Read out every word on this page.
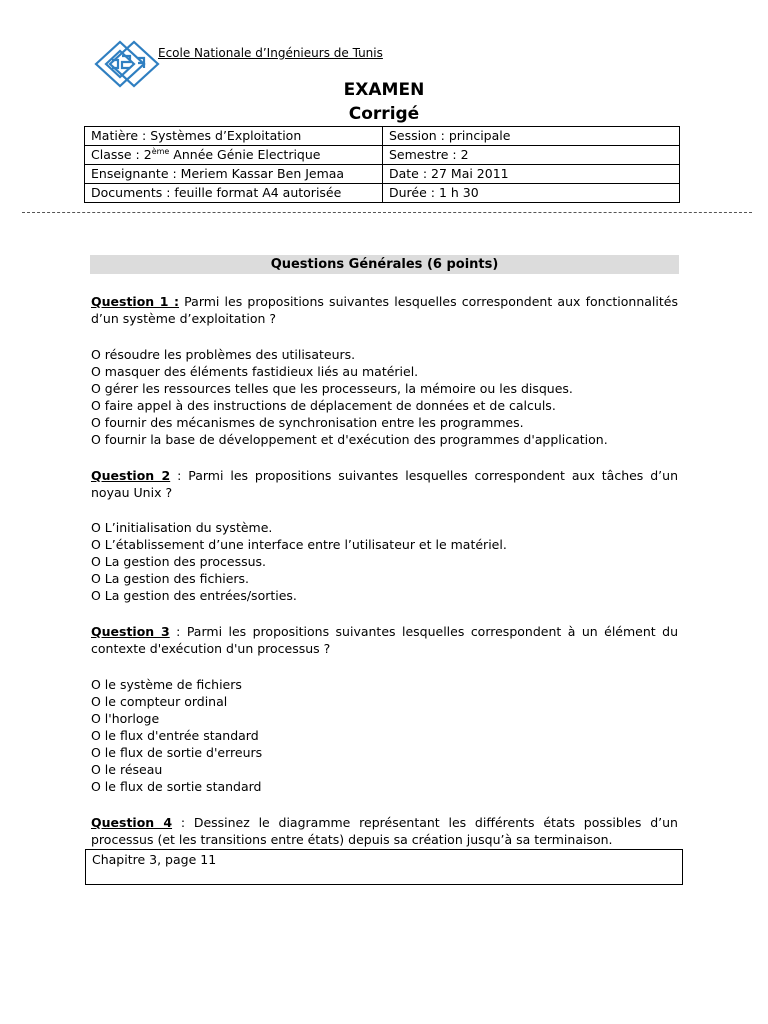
Ecole Nationale d’Ingénieurs de Tunis
EXAMEN
Corrigé
Matière : Systèmes d’Exploitation	Session : principale
Classe : 2ème Année Génie Electrique	Semestre : 2
Enseignante : Meriem Kassar Ben Jemaa	Date : 27 Mai 2011
Documents : feuille format A4 autorisée	Durée : 1 h 30
Questions Générales (6 points)
Question 1 : Parmi les propositions suivantes lesquelles correspondent aux fonctionnalités d’un système d’exploitation ?
O résoudre les problèmes des utilisateurs.
O masquer des éléments fastidieux liés au matériel.
O gérer les ressources telles que les processeurs, la mémoire ou les disques.
O faire appel à des instructions de déplacement de données et de calculs.
O fournir des mécanismes de synchronisation entre les programmes.
O fournir la base de développement et d'exécution des programmes d'application.
Question 2 : Parmi les propositions suivantes lesquelles correspondent aux tâches d’un noyau Unix ?
O L’initialisation du système.
O L’établissement d’une interface entre l’utilisateur et le matériel.
O La gestion des processus.
O La gestion des fichiers.
O La gestion des entrées/sorties.
Question 3 : Parmi les propositions suivantes lesquelles correspondent à un élément du contexte d'exécution d'un processus ?
O le système de fichiers
O le compteur ordinal
O l'horloge
O le flux d'entrée standard
O le flux de sortie d'erreurs
O le réseau
O le flux de sortie standard
Question 4 : Dessinez le diagramme représentant les différents états possibles d’un processus (et les transitions entre états) depuis sa création jusqu’à sa terminaison.
Chapitre 3, page 11
